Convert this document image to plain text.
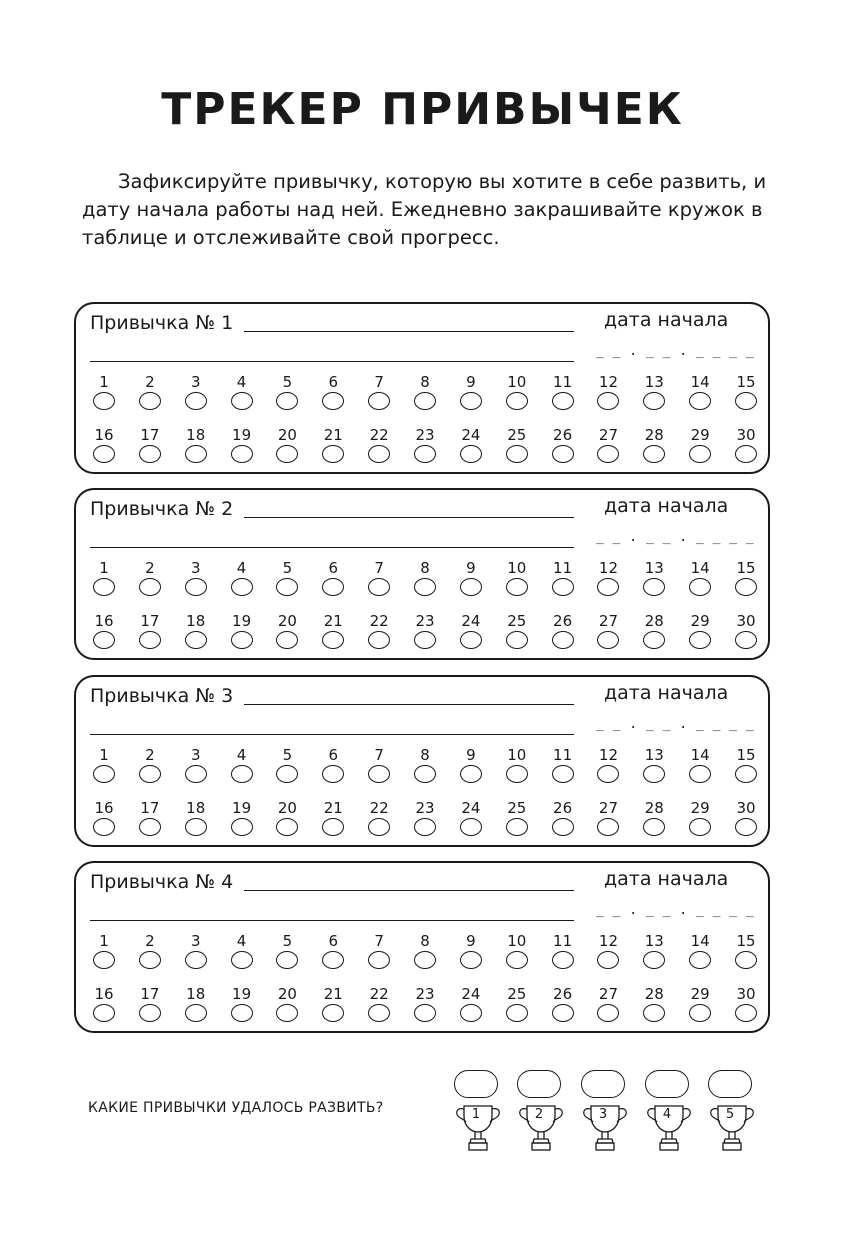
ТРЕКЕР ПРИВЫЧЕК

Зафиксируйте привычку, которую вы хотите в себе развить, и дату начала работы над ней. Ежедневно закрашивайте кружок в таблице и отслеживайте свой прогресс.

Привычка № 1	дата начала
_ _ . _ _ . _ _ _ _
1	2	3	4	5	6	7	8	9	10	11	12	13	14	15
16	17	18	19	20	21	22	23	24	25	26	27	28	29	30
Привычка № 2	дата начала
_ _ . _ _ . _ _ _ _
1	2	3	4	5	6	7	8	9	10	11	12	13	14	15
16	17	18	19	20	21	22	23	24	25	26	27	28	29	30
Привычка № 3	дата начала
_ _ . _ _ . _ _ _ _
1	2	3	4	5	6	7	8	9	10	11	12	13	14	15
16	17	18	19	20	21	22	23	24	25	26	27	28	29	30
Привычка № 4	дата начала
_ _ . _ _ . _ _ _ _
1	2	3	4	5	6	7	8	9	10	11	12	13	14	15
16	17	18	19	20	21	22	23	24	25	26	27	28	29	30
КАКИЕ ПРИВЫЧКИ УДАЛОСЬ РАЗВИТЬ?	1	2	3	4	5
